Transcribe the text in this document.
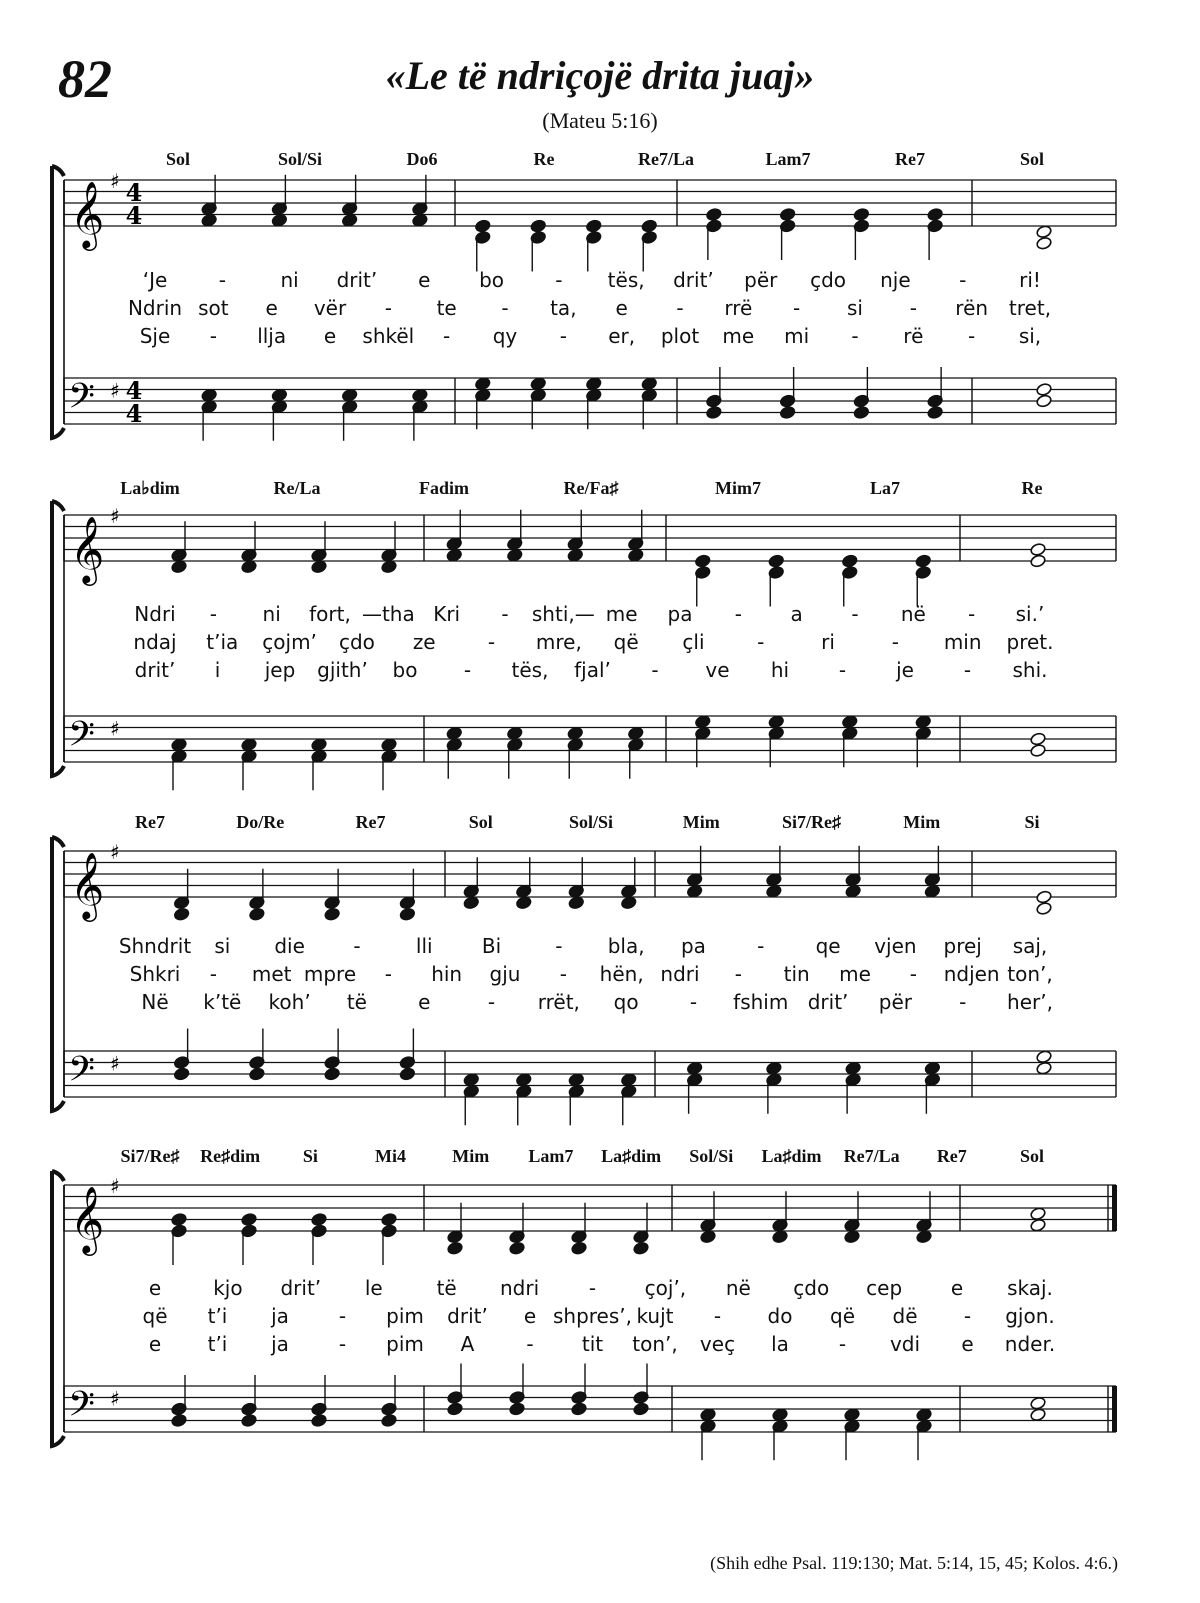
82	«Le të ndriçojë drita juaj»
(Mateu 5:16)
𝄞 ♯ 4
4
𝄢 ♯ 4
4
Sol	Sol/Si	Do6	Re	Re7/La	Lam7	Re7	Sol
‘Je	-	ni drit’ e bo	- tës, drit’ për çdo nje -	ri!
Ndrin sot e vër - te - ta, e - rrë - si - rën tret,
Sje - llja e shkël - qy - er, plot me mi - rë - si,
𝄞 ♯
𝄢 ♯
La♭dim	Re/La	Fadim	Re/Fa♯	Mim7	La7	Re
Ndri - ni fort, —tha Kri - shti,— me pa - a - në - si.’
ndaj t’ia çojm’ çdo ze	- mre, që çli	-	ri	- min pret.
drit’ i jep gjith’ bo - tës, fjal’ - ve hi - je - shi.
𝄞 ♯
𝄢 ♯
Re7	Do/Re	Re7	Sol	Sol/Si	Mim	Si7/Re♯	Mim	Si
Shndrit si die -	lli Bi	- bla, pa	-	qe vjen prej saj,
Shkri - met mpre - hin gju - hën, ndri - tin me - ndjen ton’,
Në k’të koh’ të	e	- rrët, qo	- fshim drit’ për - her’,
𝄞 ♯
𝄢 ♯
Si7/Re♯ Re♯dim Si	Mi4	Mim Lam7 La♯dim Sol/Si La♯dim Re7/La Re7	Sol
e	kjo drit’ le	të ndri - çoj’, në çdo cep e skaj.
që t’i ja - pim drit’ e shpres’, kujt - do që dë - gjon.
e t’i ja - pim A	- tit ton’, veç la - vdi e nder.
(Shih edhe Psal. 119:130; Mat. 5:14, 15, 45; Kolos. 4:6.)
